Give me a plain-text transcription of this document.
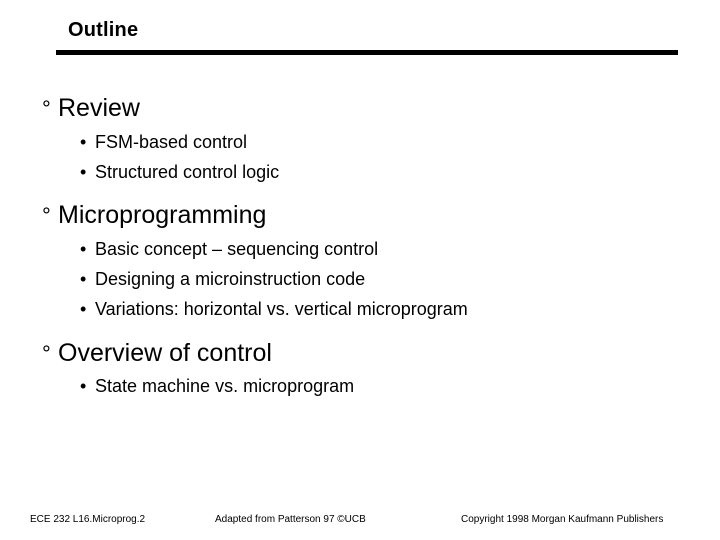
Outline
° Review
• FSM-based control
• Structured control logic
° Microprogramming
• Basic concept – sequencing control
• Designing a microinstruction code
• Variations: horizontal vs. vertical microprogram
° Overview of control
• State machine vs. microprogram
ECE 232 L16.Microprog.2	Adapted from Patterson 97 ©UCB	Copyright 1998 Morgan Kaufmann Publishers
